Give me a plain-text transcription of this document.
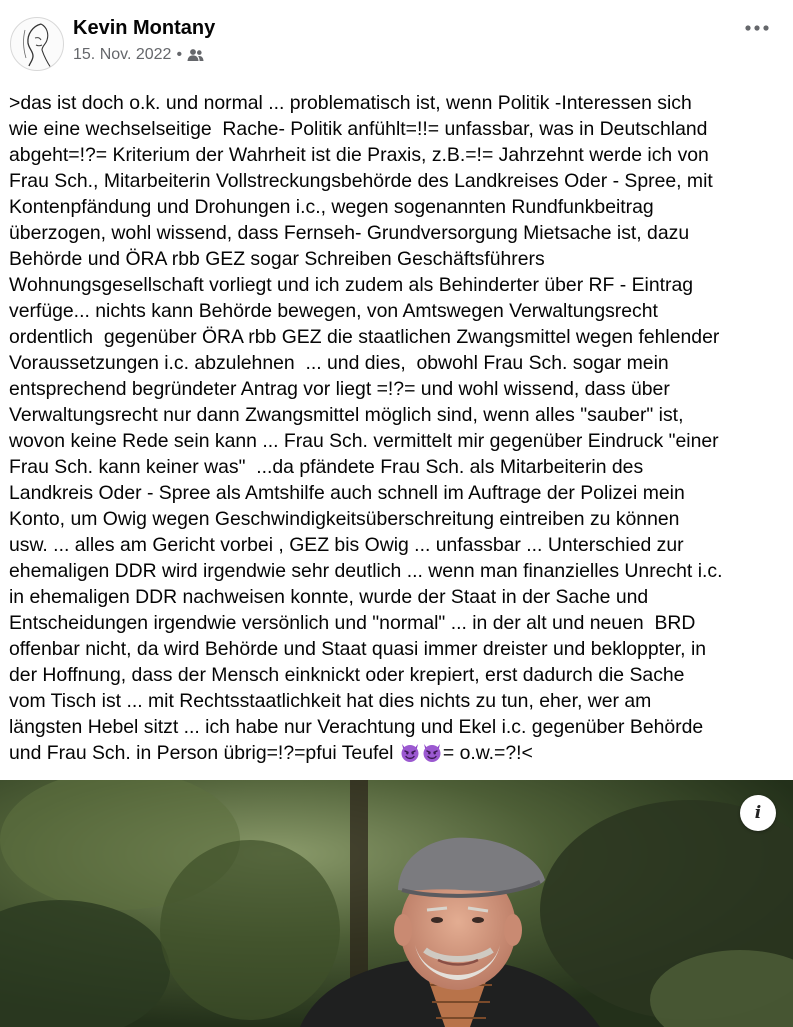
Kevin Montany
15. Nov. 2022 •
>das ist doch o.k. und normal ... problematisch ist, wenn Politik -Interessen sich
wie eine wechselseitige  Rache- Politik anfühlt=!!= unfassbar, was in Deutschland
abgeht=!?= Kriterium der Wahrheit ist die Praxis, z.B.=!= Jahrzehnt werde ich von
Frau Sch., Mitarbeiterin Vollstreckungsbehörde des Landkreises Oder - Spree, mit
Kontenpfändung und Drohungen i.c., wegen sogenannten Rundfunkbeitrag
überzogen, wohl wissend, dass Fernseh- Grundversorgung Mietsache ist, dazu
Behörde und ÖRA rbb GEZ sogar Schreiben Geschäftsführers
Wohnungsgesellschaft vorliegt und ich zudem als Behinderter über RF - Eintrag
verfüge... nichts kann Behörde bewegen, von Amtswegen Verwaltungsrecht
ordentlich  gegenüber ÖRA rbb GEZ die staatlichen Zwangsmittel wegen fehlender
Voraussetzungen i.c. abzulehnen  ... und dies,  obwohl Frau Sch. sogar mein
entsprechend begründeter Antrag vor liegt =!?= und wohl wissend, dass über
Verwaltungsrecht nur dann Zwangsmittel möglich sind, wenn alles "sauber" ist,
wovon keine Rede sein kann ... Frau Sch. vermittelt mir gegenüber Eindruck "einer
Frau Sch. kann keiner was"  ...da pfändete Frau Sch. als Mitarbeiterin des
Landkreis Oder - Spree als Amtshilfe auch schnell im Auftrage der Polizei mein
Konto, um Owig wegen Geschwindigkeitsüberschreitung eintreiben zu können
usw. ... alles am Gericht vorbei , GEZ bis Owig ... unfassbar ... Unterschied zur
ehemaligen DDR wird irgendwie sehr deutlich ... wenn man finanzielles Unrecht i.c.
in ehemaligen DDR nachweisen konnte, wurde der Staat in der Sache und
Entscheidungen irgendwie versönlich und "normal" ... in der alt und neuen  BRD
offenbar nicht, da wird Behörde und Staat quasi immer dreister und bekloppter, in
der Hoffnung, dass der Mensch einknickt oder krepiert, erst dadurch die Sache
vom Tisch ist ... mit Rechtsstaatlichkeit hat dies nichts zu tun, eher, wer am
längsten Hebel sitzt ... ich habe nur Verachtung und Ekel i.c. gegenüber Behörde
und Frau Sch. in Person übrig=!?=pfui Teufel = o.w.=?!<
i
